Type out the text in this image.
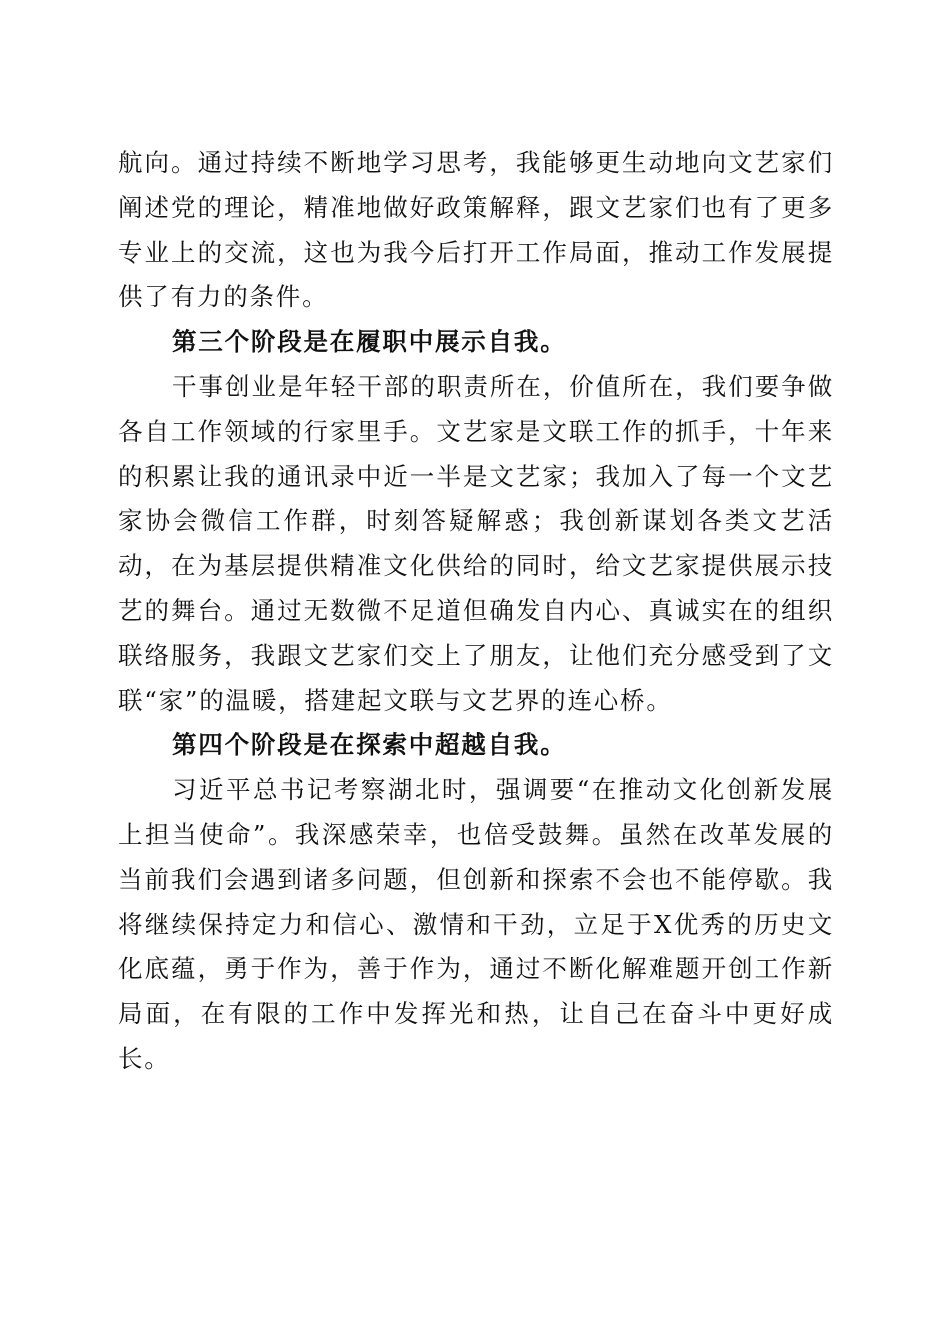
航向。通过持续不断地学习思考，我能够更生动地向文艺家们阐述党的理论，精准地做好政策解释，跟文艺家们也有了更多专业上的交流，这也为我今后打开工作局面，推动工作发展提供了有力的条件。

第三个阶段是在履职中展示自我。

干事创业是年轻干部的职责所在，价值所在，我们要争做各自工作领域的行家里手。文艺家是文联工作的抓手，十年来的积累让我的通讯录中近一半是文艺家；我加入了每一个文艺家协会微信工作群，时刻答疑解惑；我创新谋划各类文艺活动，在为基层提供精准文化供给的同时，给文艺家提供展示技艺的舞台。通过无数微不足道但确发自内心、真诚实在的组织联络服务，我跟文艺家们交上了朋友，让他们充分感受到了文联“家”的温暖，搭建起文联与文艺界的连心桥。

第四个阶段是在探索中超越自我。

习近平总书记考察湖北时，强调要“在推动文化创新发展上担当使命”。我深感荣幸，也倍受鼓舞。虽然在改革发展的当前我们会遇到诸多问题，但创新和探索不会也不能停歇。我将继续保持定力和信心、激情和干劲，立足于X优秀的历史文化底蕴，勇于作为，善于作为，通过不断化解难题开创工作新局面，在有限的工作中发挥光和热，让自己在奋斗中更好成长。
